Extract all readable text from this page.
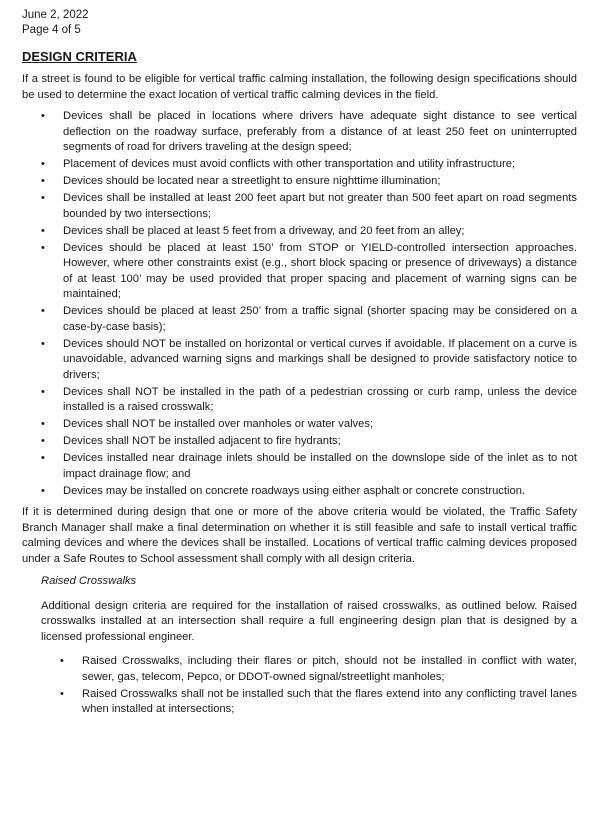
June 2, 2022
Page 4 of 5
DESIGN CRITERIA

If a street is found to be eligible for vertical traffic calming installation, the following design specifications should be used to determine the exact location of vertical traffic calming devices in the field.

• Devices shall be placed in locations where drivers have adequate sight distance to see vertical deflection on the roadway surface, preferably from a distance of at least 250 feet on uninterrupted segments of road for drivers traveling at the design speed;
• Placement of devices must avoid conflicts with other transportation and utility infrastructure;
• Devices should be located near a streetlight to ensure nighttime illumination;
• Devices shall be installed at least 200 feet apart but not greater than 500 feet apart on road segments bounded by two intersections;
• Devices shall be placed at least 5 feet from a driveway, and 20 feet from an alley;
• Devices should be placed at least 150’ from STOP or YIELD-controlled intersection approaches. However, where other constraints exist (e.g., short block spacing or presence of driveways) a distance of at least 100’ may be used provided that proper spacing and placement of warning signs can be maintained;
• Devices should be placed at least 250’ from a traffic signal (shorter spacing may be considered on a case-by-case basis);
• Devices should NOT be installed on horizontal or vertical curves if avoidable. If placement on a curve is unavoidable, advanced warning signs and markings shall be designed to provide satisfactory notice to drivers;
• Devices shall NOT be installed in the path of a pedestrian crossing or curb ramp, unless the device installed is a raised crosswalk;
• Devices shall NOT be installed over manholes or water valves;
• Devices shall NOT be installed adjacent to fire hydrants;
• Devices installed near drainage inlets should be installed on the downslope side of the inlet as to not impact drainage flow; and
• Devices may be installed on concrete roadways using either asphalt or concrete construction.

If it is determined during design that one or more of the above criteria would be violated, the Traffic Safety Branch Manager shall make a final determination on whether it is still feasible and safe to install vertical traffic calming devices and where the devices shall be installed. Locations of vertical traffic calming devices proposed under a Safe Routes to School assessment shall comply with all design criteria.

Raised Crosswalks

Additional design criteria are required for the installation of raised crosswalks, as outlined below. Raised crosswalks installed at an intersection shall require a full engineering design plan that is designed by a licensed professional engineer.

• Raised Crosswalks, including their flares or pitch, should not be installed in conflict with water, sewer, gas, telecom, Pepco, or DDOT-owned signal/streetlight manholes;
• Raised Crosswalks shall not be installed such that the flares extend into any conflicting travel lanes when installed at intersections;
